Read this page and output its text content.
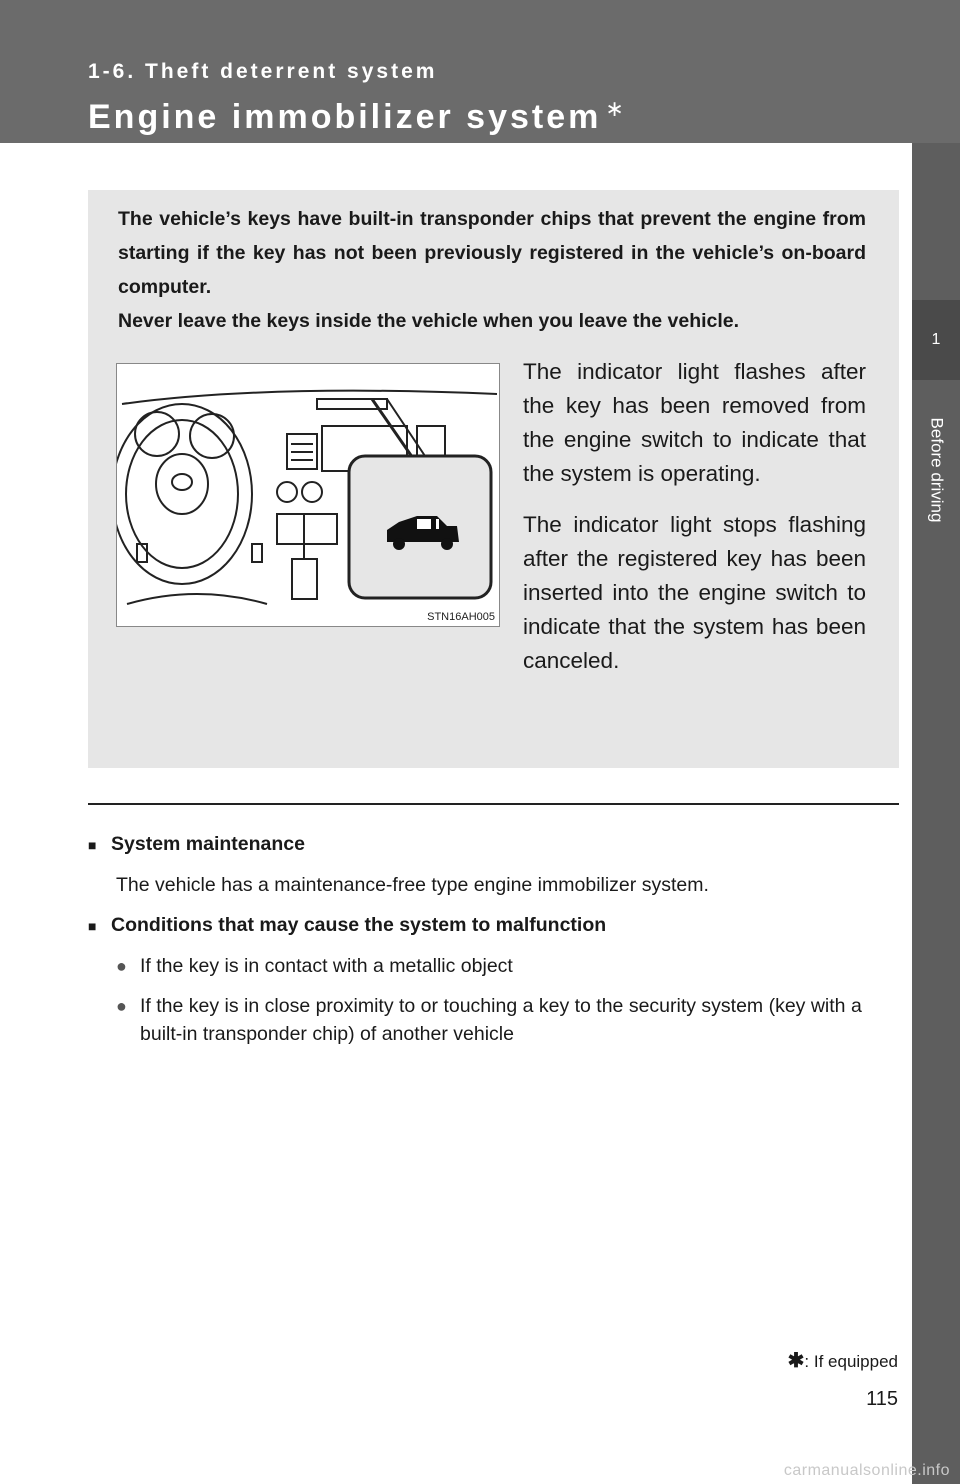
1-6. Theft deterrent system
Engine immobilizer system ∗
1
Before driving

The vehicle’s keys have built-in transponder chips that prevent the engine from starting if the key has not been previously registered in the vehicle’s on-board computer.

Never leave the keys inside the vehicle when you leave the vehicle.

STN16AH005

The indicator light flashes after the key has been removed from the engine switch to indicate that the system is operating.

The indicator light stops flashing after the registered key has been inserted into the engine switch to indicate that the system has been canceled.

■ System maintenance

The vehicle has a maintenance-free type engine immobilizer system.

■ Conditions that may cause the system to malfunction

● If the key is in contact with a metallic object

● If the key is in close proximity to or touching a key to the security system (key with a built-in transponder chip) of another vehicle

✱: If equipped
115
carmanualsonline.info
